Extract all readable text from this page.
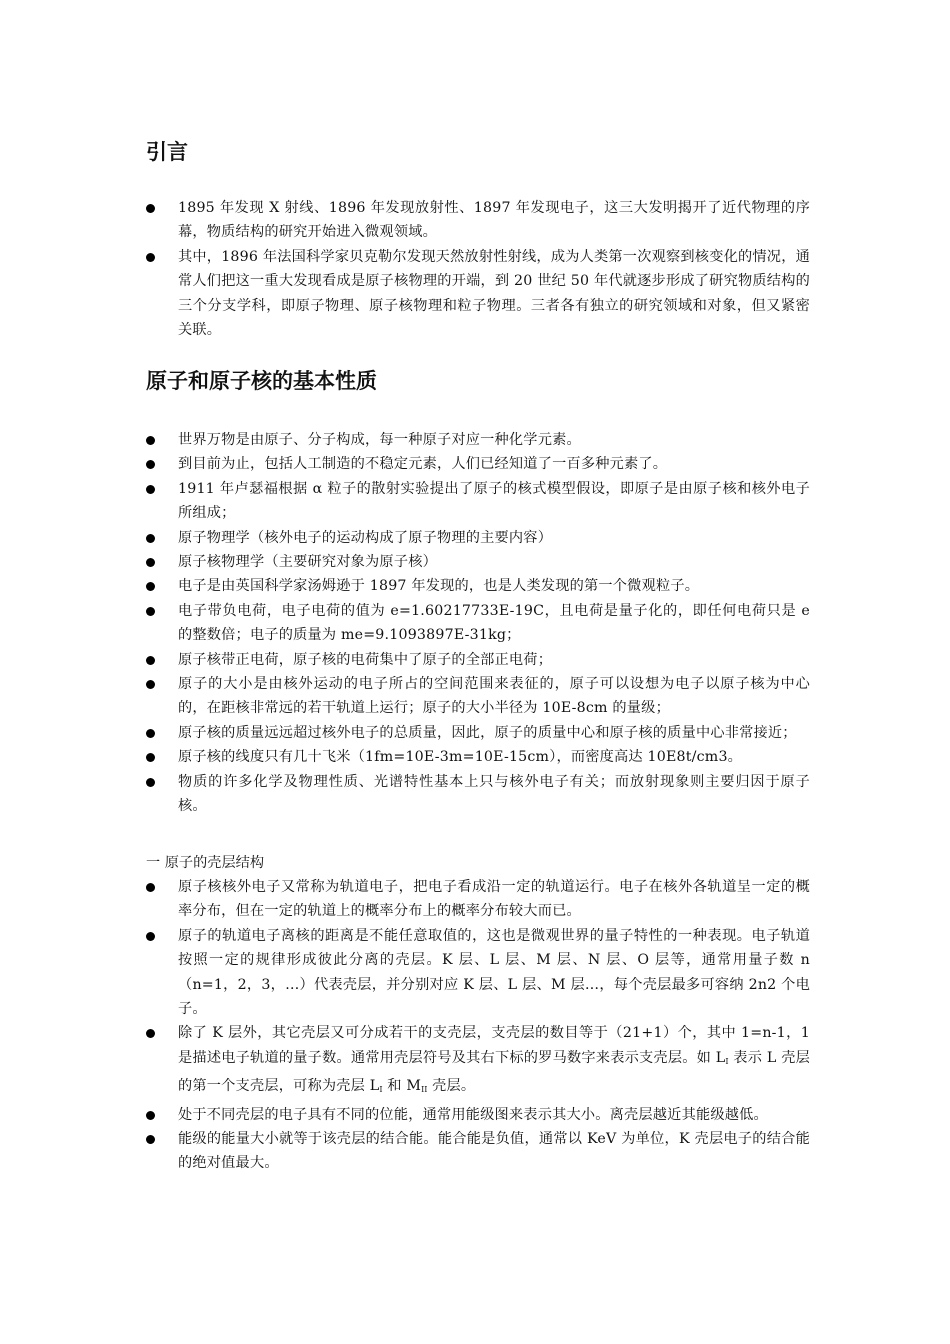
引言
1895 年发现 X 射线、1896 年发现放射性、1897 年发现电子，这三大发明揭开了近代物理的序幕，物质结构的研究开始进入微观领域。
其中，1896 年法国科学家贝克勒尔发现天然放射性射线，成为人类第一次观察到核变化的情况，通常人们把这一重大发现看成是原子核物理的开端，到 20 世纪 50 年代就逐步形成了研究物质结构的三个分支学科，即原子物理、原子核物理和粒子物理。三者各有独立的研究领域和对象，但又紧密关联。
原子和原子核的基本性质
世界万物是由原子、分子构成，每一种原子对应一种化学元素。
到目前为止，包括人工制造的不稳定元素，人们已经知道了一百多种元素了。
1911 年卢瑟福根据 α 粒子的散射实验提出了原子的核式模型假设，即原子是由原子核和核外电子所组成；
原子物理学（核外电子的运动构成了原子物理的主要内容）
原子核物理学（主要研究对象为原子核）
电子是由英国科学家汤姆逊于 1897 年发现的，也是人类发现的第一个微观粒子。
电子带负电荷，电子电荷的值为 e=1.60217733E-19C，且电荷是量子化的，即任何电荷只是 e 的整数倍；电子的质量为 me=9.1093897E-31kg；
原子核带正电荷，原子核的电荷集中了原子的全部正电荷；
原子的大小是由核外运动的电子所占的空间范围来表征的，原子可以设想为电子以原子核为中心的，在距核非常远的若干轨道上运行；原子的大小半径为 10E-8cm 的量级；
原子核的质量远远超过核外电子的总质量，因此，原子的质量中心和原子核的质量中心非常接近；
原子核的线度只有几十飞米（1fm=10E-3m=10E-15cm），而密度高达 10E8t/cm3。
物质的许多化学及物理性质、光谱特性基本上只与核外电子有关；而放射现象则主要归因于原子核。

一 原子的壳层结构

原子核核外电子又常称为轨道电子，把电子看成沿一定的轨道运行。电子在核外各轨道呈一定的概率分布，但在一定的轨道上的概率分布上的概率分布较大而已。
原子的轨道电子离核的距离是不能任意取值的，这也是微观世界的量子特性的一种表现。电子轨道按照一定的规律形成彼此分离的壳层。K 层、L 层、M 层、N 层、O 层等，通常用量子数 n（n=1，2，3，…）代表壳层，并分别对应 K 层、L 层、M 层…，每个壳层最多可容纳 2n2 个电子。
除了 K 层外，其它壳层又可分成若干的支壳层，支壳层的数目等于（21+1）个，其中 1=n-1，1 是描述电子轨道的量子数。通常用壳层符号及其右下标的罗马数字来表示支壳层。如 $L_I$ 表示 L 壳层的第一个支壳层，可称为壳层 $L_I$ 和 $M_{II}$ 壳层。
处于不同壳层的电子具有不同的位能，通常用能级图来表示其大小。离壳层越近其能级越低。
能级的能量大小就等于该壳层的结合能。能合能是负值，通常以 KeV 为单位，K 壳层电子的结合能的绝对值最大。
